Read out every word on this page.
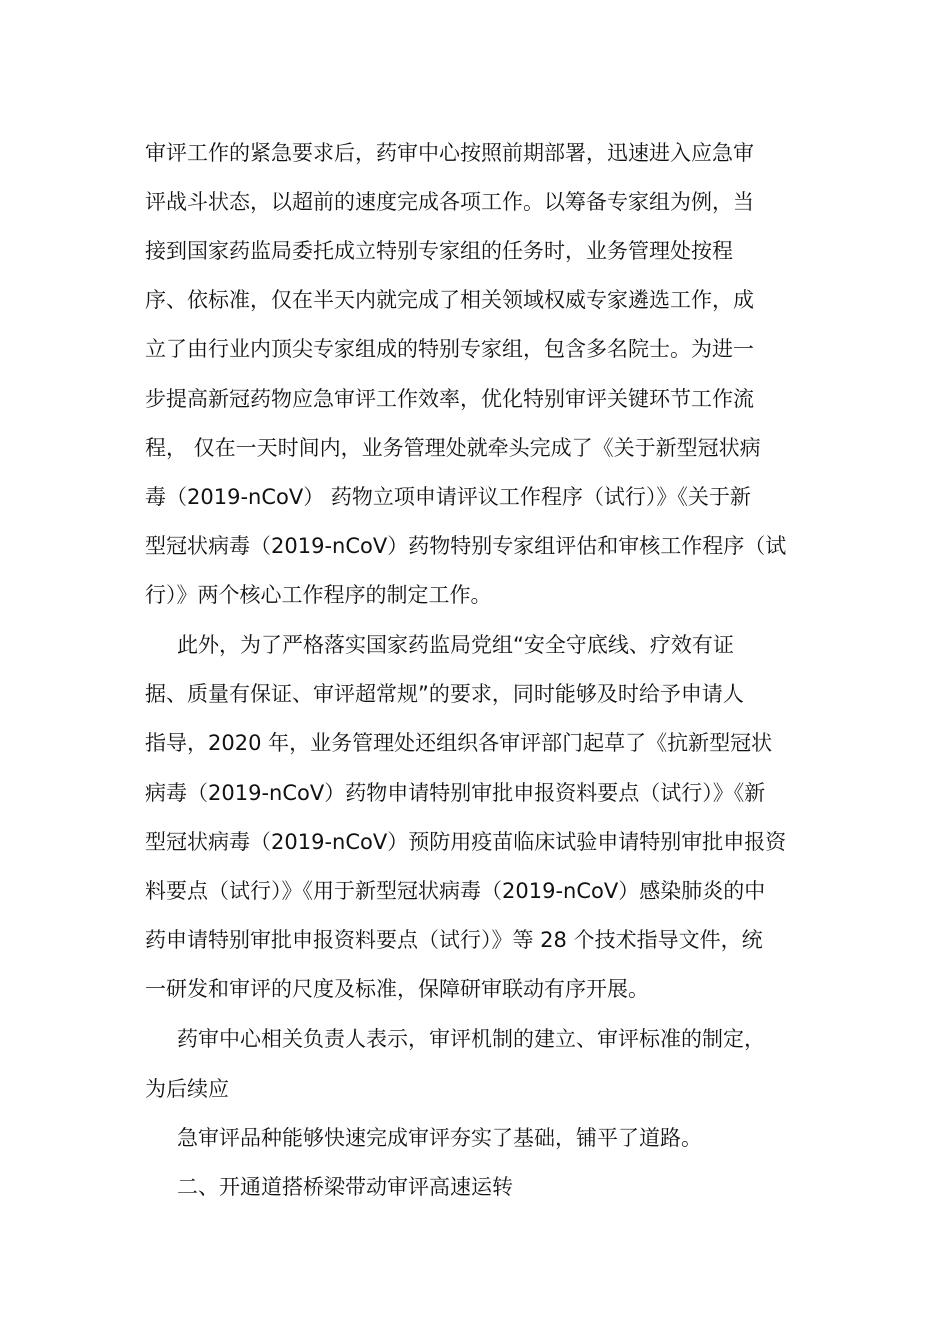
审评工作的紧急要求后，药审中心按照前期部署，迅速进入应急审
评战斗状态，以超前的速度完成各项工作。以筹备专家组为例，当
接到国家药监局委托成立特别专家组的任务时，业务管理处按程
序、依标准，仅在半天内就完成了相关领域权威专家遴选工作，成
立了由行业内顶尖专家组成的特别专家组，包含多名院士。为进一
步提高新冠药物应急审评工作效率，优化特别审评关键环节工作流
程， 仅在一天时间内，业务管理处就牵头完成了《关于新型冠状病
毒（2019-nCoV） 药物立项申请评议工作程序（试行）》《关于新
型冠状病毒（2019-nCoV）药物特别专家组评估和审核工作程序（试
行）》两个核心工作程序的制定工作。
此外，为了严格落实国家药监局党组“安全守底线、疗效有证
据、质量有保证、审评超常规”的要求，同时能够及时给予申请人
指导，2020 年，业务管理处还组织各审评部门起草了《抗新型冠状
病毒（2019-nCoV）药物申请特别审批申报资料要点（试行）》《新
型冠状病毒（2019-nCoV）预防用疫苗临床试验申请特别审批申报资
料要点（试行）》《用于新型冠状病毒（2019-nCoV）感染肺炎的中
药申请特别审批申报资料要点（试行）》等 28 个技术指导文件，统
一研发和审评的尺度及标准，保障研审联动有序开展。
药审中心相关负责人表示，审评机制的建立、审评标准的制定，
为后续应
急审评品种能够快速完成审评夯实了基础，铺平了道路。
二、开通道搭桥梁带动审评高速运转
